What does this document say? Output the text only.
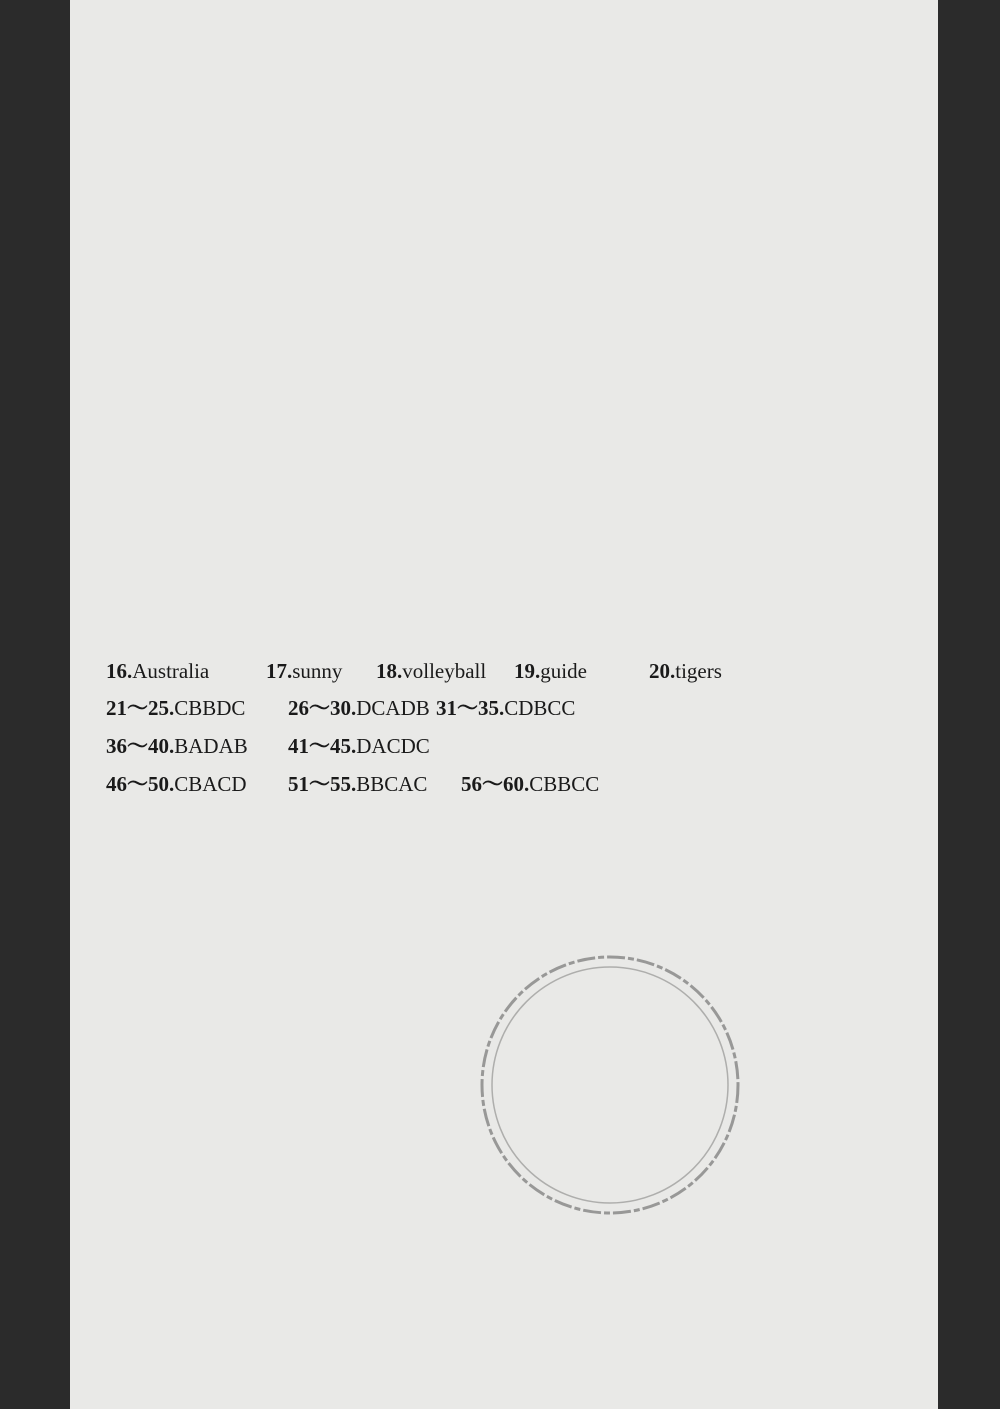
16.Australia	17.sunny 18.volleyball 19.guide	20.tigers
21～25.CBBDC 26～30.DCADB 31～35.CDBCC
36～40.BADAB 41～45.DACDC
46～50.CBACD 51～55.BBCAC 56～60.CBBCC
